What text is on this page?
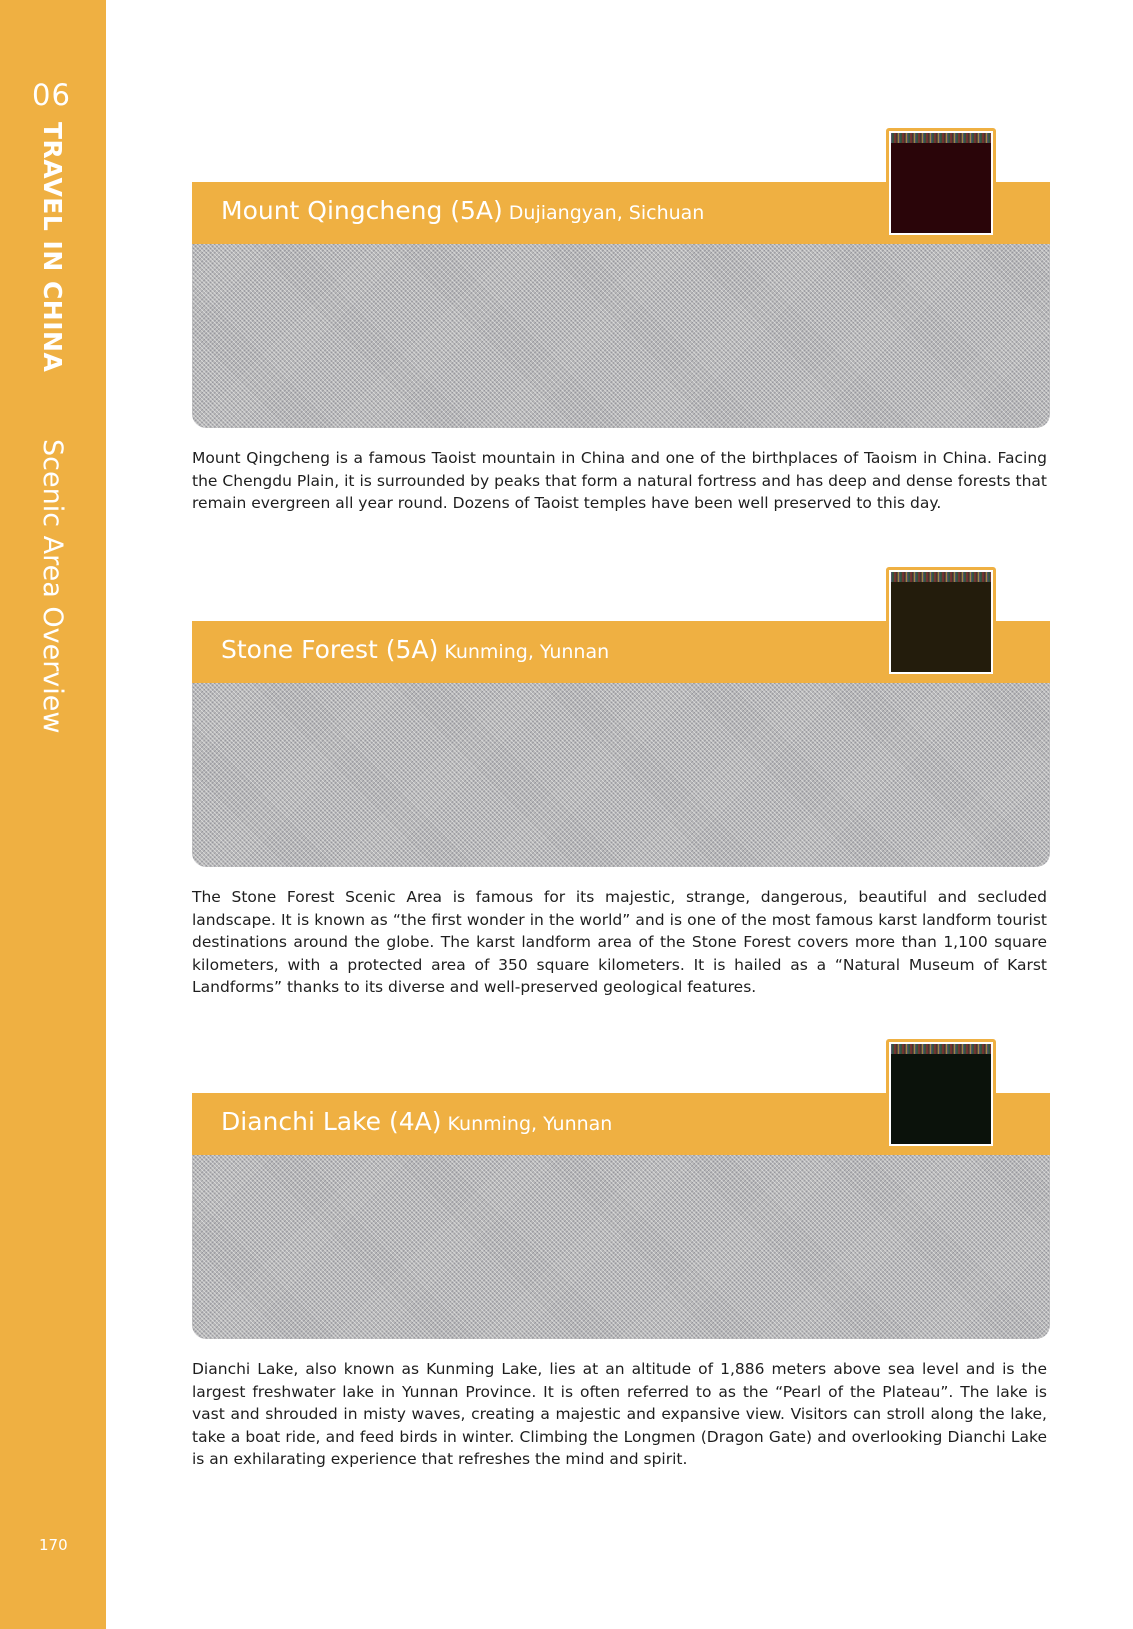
06
TRAVEL IN CHINA Scenic Area Overview
170
Mount Qingcheng (5A) Dujiangyan, Sichuan

Mount Qingcheng is a famous Taoist mountain in China and one of the birthplaces of Taoism in China. Facing the Chengdu Plain, it is surrounded by peaks that form a natural fortress and has deep and dense forests that remain evergreen all year round. Dozens of Taoist temples have been well preserved to this day.

Stone Forest (5A) Kunming, Yunnan

The Stone Forest Scenic Area is famous for its majestic, strange, dangerous, beautiful and secluded landscape. It is known as “the first wonder in the world” and is one of the most famous karst landform tourist destinations around the globe. The karst landform area of the Stone Forest covers more than 1,100 square kilometers, with a protected area of 350 square kilometers. It is hailed as a “Natural Museum of Karst Landforms” thanks to its diverse and well-preserved geological features.

Dianchi Lake (4A) Kunming, Yunnan

Dianchi Lake, also known as Kunming Lake, lies at an altitude of 1,886 meters above sea level and is the largest freshwater lake in Yunnan Province. It is often referred to as the “Pearl of the Plateau”. The lake is vast and shrouded in misty waves, creating a majestic and expansive view. Visitors can stroll along the lake, take a boat ride, and feed birds in winter. Climbing the Longmen (Dragon Gate) and overlooking Dianchi Lake is an exhilarating experience that refreshes the mind and spirit.
